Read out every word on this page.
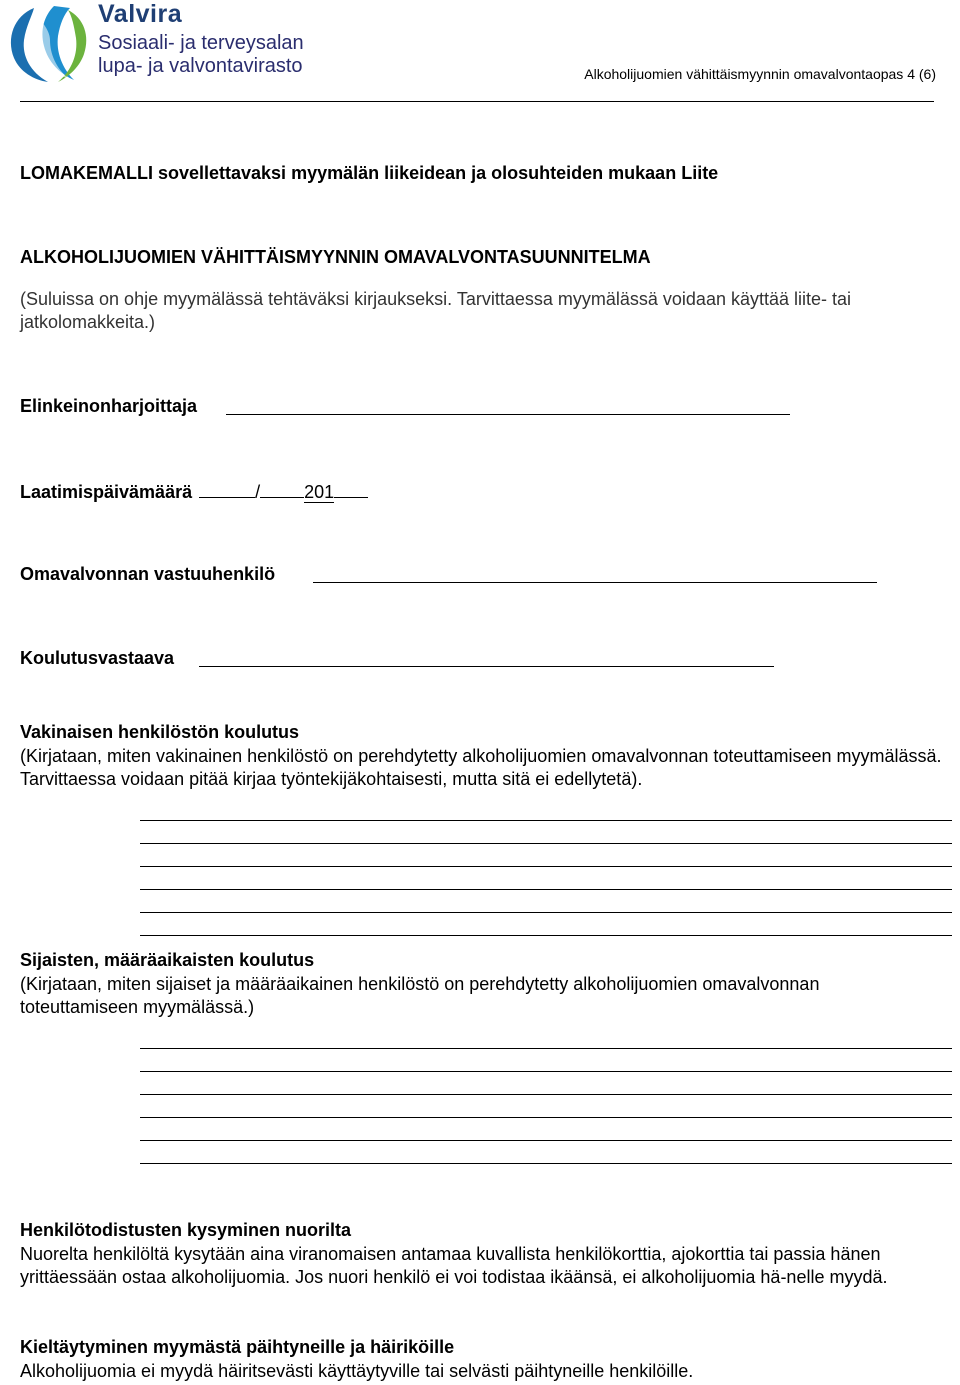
Valvira
Sosiaali- ja terveysalan
lupa- ja valvontavirasto	Alkoholijuomien vähittäismyynnin omavalvontaopas 4 (6)
LOMAKEMALLI sovellettavaksi myymälän liikeidean ja olosuhteiden mukaan Liite
ALKOHOLIJUOMIEN VÄHITTÄISMYYNNIN OMAVALVONTASUUNNITELMA
(Suluissa on ohje myymälässä tehtäväksi kirjaukseksi. Tarvittaessa myymälässä voidaan käyttää liite- tai jatkolomakkeita.)
Elinkeinonharjoittaja
Laatimispäivämäärä	/ 201
Omavalvonnan vastuuhenkilö
Koulutusvastaava
Vakinaisen henkilöstön koulutus
(Kirjataan, miten vakinainen henkilöstö on perehdytetty alkoholijuomien omavalvonnan toteuttamiseen myymälässä. Tarvittaessa voidaan pitää kirjaa työntekijäkohtaisesti, mutta sitä ei edellytetä).
Sijaisten, määräaikaisten koulutus
(Kirjataan, miten sijaiset ja määräaikainen henkilöstö on perehdytetty alkoholijuomien omavalvonnan toteuttamiseen myymälässä.)
Henkilötodistusten kysyminen nuorilta
Nuorelta henkilöltä kysytään aina viranomaisen antamaa kuvallista henkilökorttia, ajokorttia tai passia hänen yrittäessään ostaa alkoholijuomia. Jos nuori henkilö ei voi todistaa ikäänsä, ei alkoholijuomia hä-nelle myydä.
Kieltäytyminen myymästä päihtyneille ja häiriköille
Alkoholijuomia ei myydä häiritsevästi käyttäytyville tai selvästi päihtyneille henkilöille.
